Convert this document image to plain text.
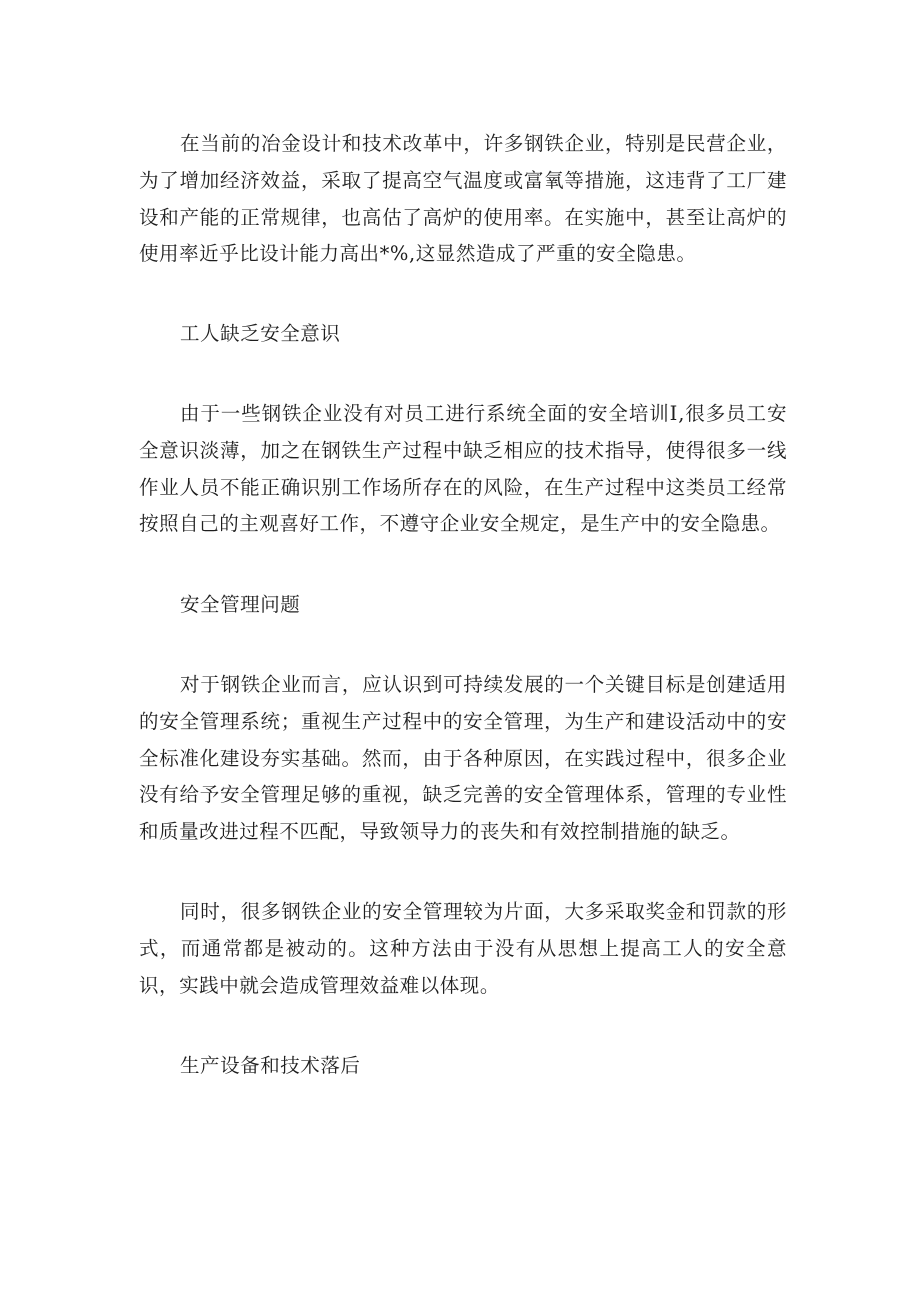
在当前的冶金设计和技术改革中，许多钢铁企业，特别是民营企业，为了增加经济效益，采取了提高空气温度或富氧等措施，这违背了工厂建设和产能的正常规律，也高估了高炉的使用率。在实施中，甚至让高炉的使用率近乎比设计能力高出*%,这显然造成了严重的安全隐患。

工人缺乏安全意识

由于一些钢铁企业没有对员工进行系统全面的安全培训Ⅰ,很多员工安全意识淡薄，加之在钢铁生产过程中缺乏相应的技术指导，使得很多一线作业人员不能正确识别工作场所存在的风险，在生产过程中这类员工经常按照自己的主观喜好工作，不遵守企业安全规定，是生产中的安全隐患。

安全管理问题

对于钢铁企业而言，应认识到可持续发展的一个关键目标是创建适用的安全管理系统；重视生产过程中的安全管理，为生产和建设活动中的安全标准化建设夯实基础。然而，由于各种原因，在实践过程中，很多企业没有给予安全管理足够的重视，缺乏完善的安全管理体系，管理的专业性和质量改进过程不匹配，导致领导力的丧失和有效控制措施的缺乏。

同时，很多钢铁企业的安全管理较为片面，大多采取奖金和罚款的形式，而通常都是被动的。这种方法由于没有从思想上提高工人的安全意识，实践中就会造成管理效益难以体现。

生产设备和技术落后
